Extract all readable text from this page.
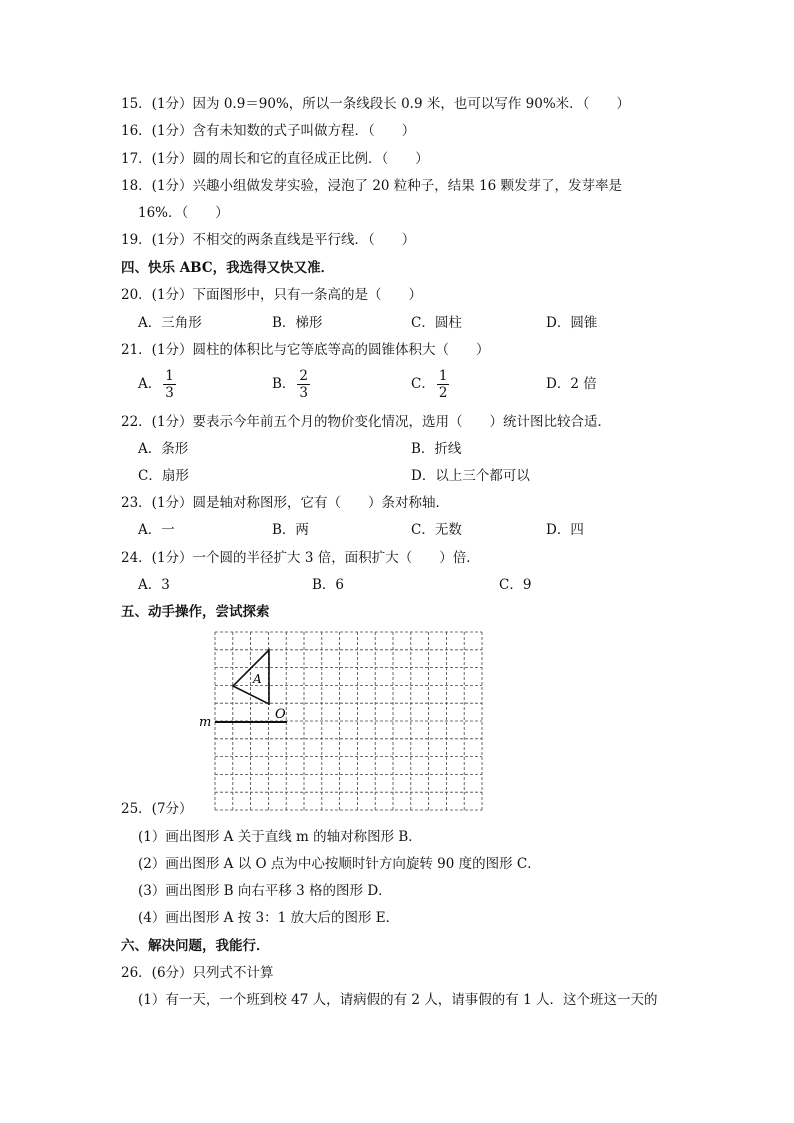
15．(1分）因为 0.9＝90%，所以一条线段长 0.9 米，也可以写作 90%米．（　　）
16．(1分）含有未知数的式子叫做方程．（　　）
17．(1分）圆的周长和它的直径成正比例．（　　）
18．(1分）兴趣小组做发芽实验，浸泡了 20 粒种子，结果 16 颗发芽了，发芽率是
16%．（　　）
19．(1分）不相交的两条直线是平行线．（　　）
四、快乐 ABC，我选得又快又准．
20．(1分）下面图形中，只有一条高的是（　　）
A．三角形	B．梯形	C．圆柱	D．圆锥
21．(1分）圆柱的体积比与它等底等高的圆锥体积大（　　）
A． $\frac{1}{3}$	B． $\frac{2}{3}$	C． $\frac{1}{2}$	D．2 倍
22．(1分）要表示今年前五个月的物价变化情况，选用（　　）统计图比较合适．
A．条形	B．折线
C．扇形	D．以上三个都可以
23．(1分）圆是轴对称图形，它有（　　）条对称轴．
A．一	B．两	C．无数	D．四
24．(1分）一个圆的半径扩大 3 倍，面积扩大（　　）倍．
A．3	B．6	C．9
五、动手操作，尝试探索
m
A
O
25．(7分）
(1）画出图形 A 关于直线 m 的轴对称图形 B．
(2）画出图形 A 以 O 点为中心按顺时针方向旋转 90 度的图形 C．
(3）画出图形 B 向右平移 3 格的图形 D．
(4）画出图形 A 按 3：1 放大后的图形 E．
六、解决问题，我能行．
26．(6分）只列式不计算
(1）有一天，一个班到校 47 人，请病假的有 2 人，请事假的有 1 人．这个班这一天的
